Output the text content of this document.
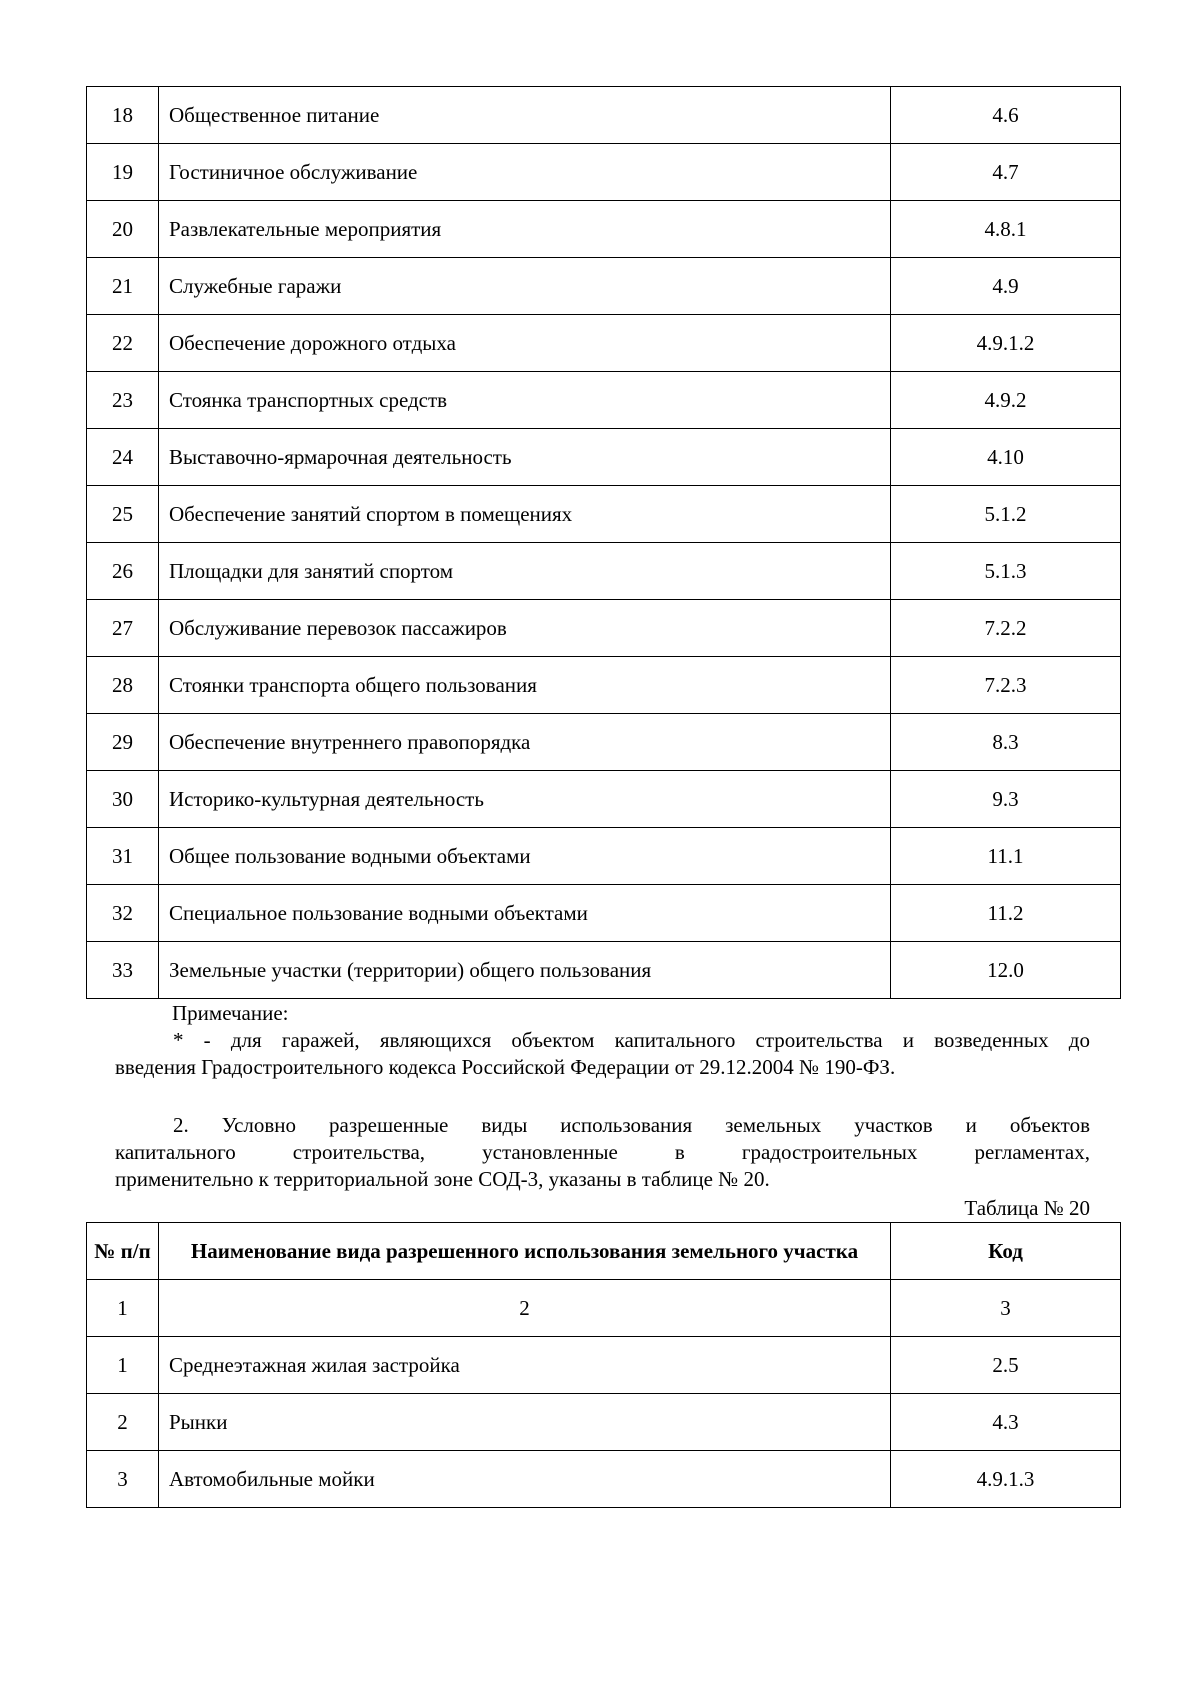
18	Общественное питание	4.6
19	Гостиничное обслуживание	4.7
20	Развлекательные мероприятия	4.8.1
21	Служебные гаражи	4.9
22	Обеспечение дорожного отдыха	4.9.1.2
23	Стоянка транспортных средств	4.9.2
24	Выставочно-ярмарочная деятельность	4.10
25	Обеспечение занятий спортом в помещениях	5.1.2
26	Площадки для занятий спортом	5.1.3
27	Обслуживание перевозок пассажиров	7.2.2
28	Стоянки транспорта общего пользования	7.2.3
29	Обеспечение внутреннего правопорядка	8.3
30	Историко-культурная деятельность	9.3
31	Общее пользование водными объектами	11.1
32	Специальное пользование водными объектами	11.2
33	Земельные участки (территории) общего пользования	12.0
Примечание:
* - для гаражей, являющихся объектом капитального строительства и возведенных до
введения Градостроительного кодекса Российской Федерации от 29.12.2004 № 190-ФЗ.
2. Условно разрешенные виды использования земельных участков и объектов
капитального строительства, установленные в градостроительных регламентах,
применительно к территориальной зоне СОД-3, указаны в таблице № 20.
Таблица № 20
№ п/п	Наименование вида разрешенного использования земельного участка	Код
1	2	3
1	Среднеэтажная жилая застройка	2.5
2	Рынки	4.3
3	Автомобильные мойки	4.9.1.3
